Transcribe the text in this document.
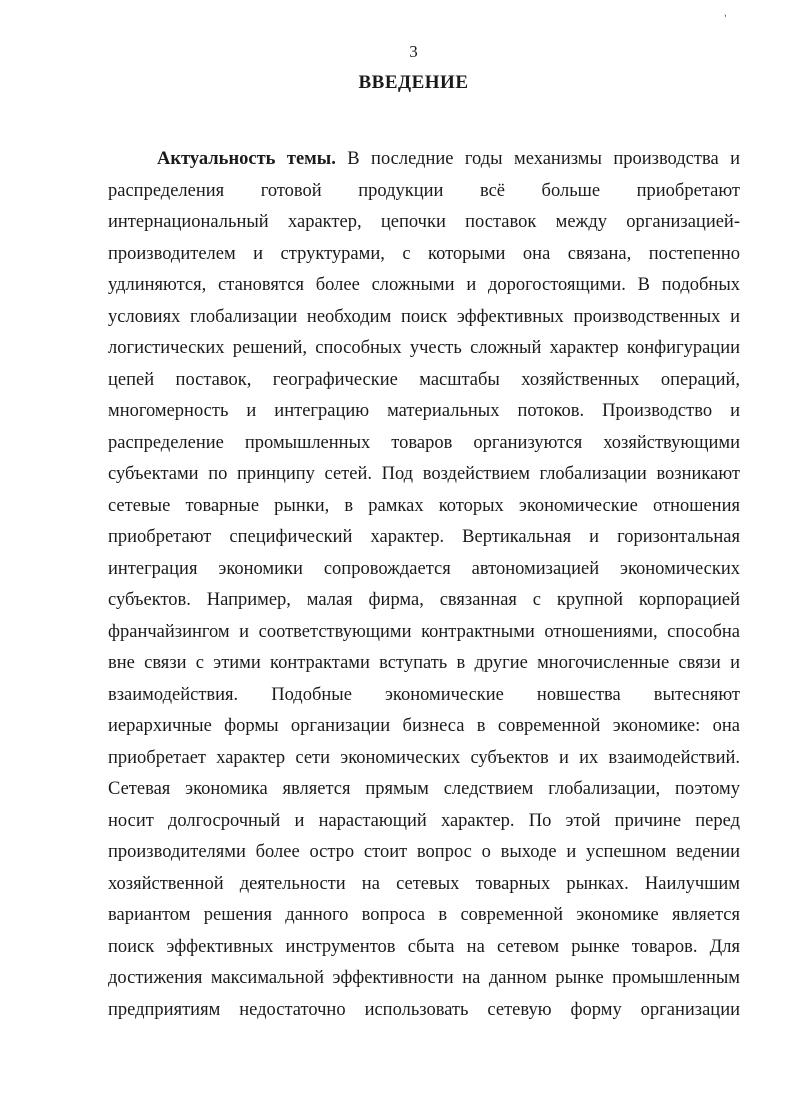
ˎ
3
ВВЕДЕНИЕ
Актуальность темы. В последние годы механизмы производства и
распределения готовой продукции всё больше приобретают
интернациональный характер, цепочки поставок между организацией-
производителем и структурами, с которыми она связана, постепенно
удлиняются, становятся более сложными и дорогостоящими. В подобных
условиях глобализации необходим поиск эффективных производственных и
логистических решений, способных учесть сложный характер конфигурации
цепей поставок, географические масштабы хозяйственных операций,
многомерность и интеграцию материальных потоков. Производство и
распределение промышленных товаров организуются хозяйствующими
субъектами по принципу сетей. Под воздействием глобализации возникают
сетевые товарные рынки, в рамках которых экономические отношения
приобретают специфический характер. Вертикальная и горизонтальная
интеграция экономики сопровождается автономизацией экономических
субъектов. Например, малая фирма, связанная с крупной корпорацией
франчайзингом и соответствующими контрактными отношениями, способна
вне связи с этими контрактами вступать в другие многочисленные связи и
взаимодействия. Подобные экономические новшества вытесняют
иерархичные формы организации бизнеса в современной экономике: она
приобретает характер сети экономических субъектов и их взаимодействий.
Сетевая экономика является прямым следствием глобализации, поэтому
носит долгосрочный и нарастающий характер. По этой причине перед
производителями более остро стоит вопрос о выходе и успешном ведении
хозяйственной деятельности на сетевых товарных рынках. Наилучшим
вариантом решения данного вопроса в современной экономике является
поиск эффективных инструментов сбыта на сетевом рынке товаров. Для
достижения максимальной эффективности на данном рынке промышленным
предприятиям недостаточно использовать сетевую форму организации
